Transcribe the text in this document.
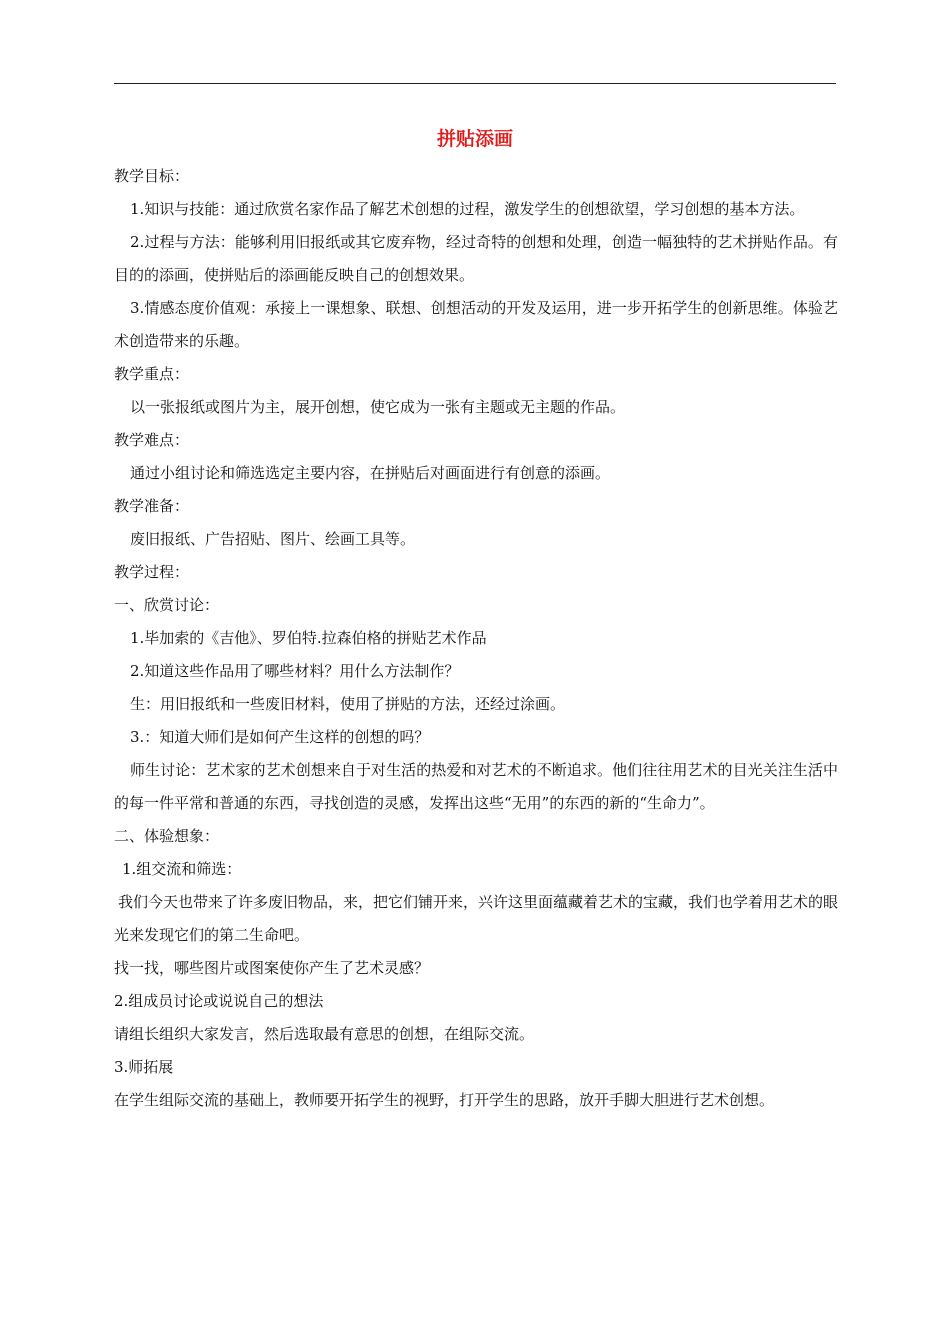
拼贴添画

教学目标：

1.知识与技能：通过欣赏名家作品了解艺术创想的过程，激发学生的创想欲望，学习创想的基本方法。

2.过程与方法：能够利用旧报纸或其它废弃物，经过奇特的创想和处理，创造一幅独特的艺术拼贴作品。有目的的添画，使拼贴后的添画能反映自己的创想效果。

3.情感态度价值观：承接上一课想象、联想、创想活动的开发及运用，进一步开拓学生的创新思维。体验艺术创造带来的乐趣。

教学重点：

以一张报纸或图片为主，展开创想，使它成为一张有主题或无主题的作品。

教学难点：

通过小组讨论和筛选选定主要内容，在拼贴后对画面进行有创意的添画。

教学准备：

废旧报纸、广告招贴、图片、绘画工具等。

教学过程：

一、欣赏讨论：

1.毕加索的《吉他》、罗伯特.拉森伯格的拼贴艺术作品

2.知道这些作品用了哪些材料？用什么方法制作？

生：用旧报纸和一些废旧材料，使用了拼贴的方法，还经过涂画。

3.：知道大师们是如何产生这样的创想的吗？

师生讨论：艺术家的艺术创想来自于对生活的热爱和对艺术的不断追求。他们往往用艺术的目光关注生活中的每一件平常和普通的东西，寻找创造的灵感，发挥出这些“无用”的东西的新的“生命力”。

二、体验想象：

1.组交流和筛选：

我们今天也带来了许多废旧物品，来，把它们铺开来，兴许这里面蕴藏着艺术的宝藏，我们也学着用艺术的眼光来发现它们的第二生命吧。

找一找，哪些图片或图案使你产生了艺术灵感？

2.组成员讨论或说说自己的想法

请组长组织大家发言，然后选取最有意思的创想，在组际交流。

3.师拓展

在学生组际交流的基础上，教师要开拓学生的视野，打开学生的思路，放开手脚大胆进行艺术创想。
